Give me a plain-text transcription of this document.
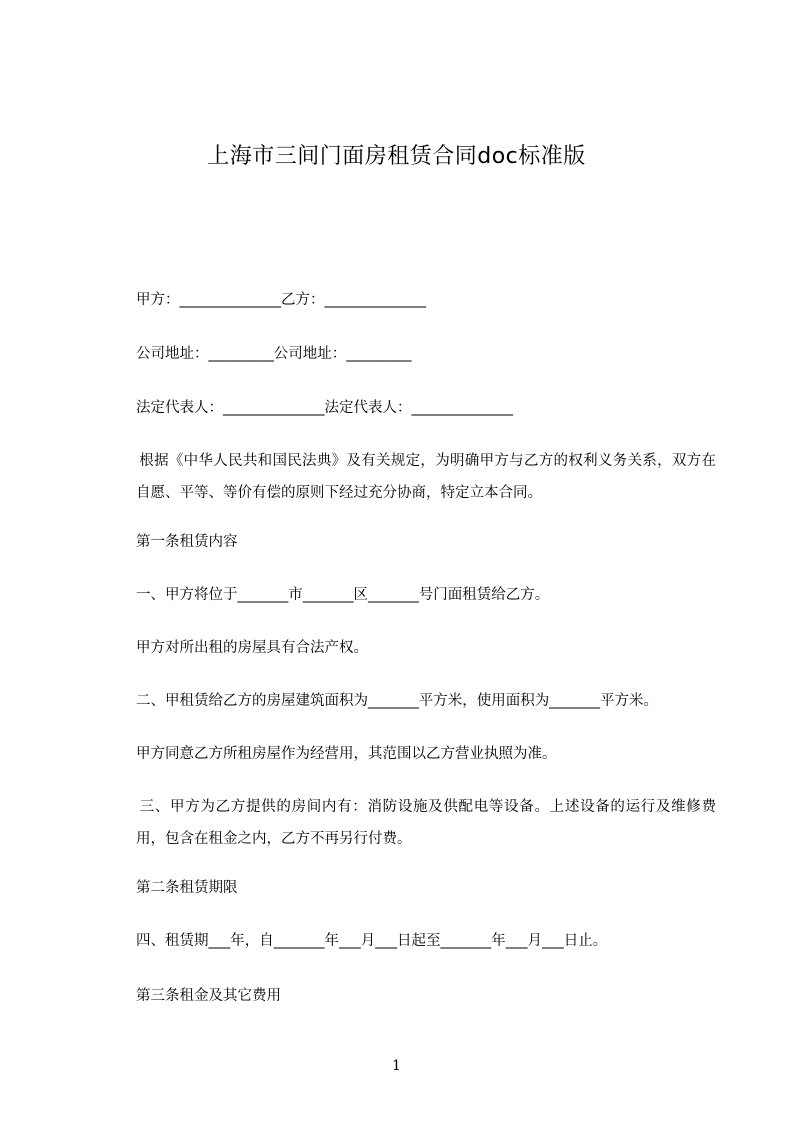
上海市三间门面房租赁合同doc标准版
甲方：______________乙方：______________
公司地址：_________公司地址：_________
法定代表人：______________法定代表人：______________
根据《中华人民共和国民法典》及有关规定，为明确甲方与乙方的权利义务关系，双方在自愿、平等、等价有偿的原则下经过充分协商，特定立本合同。
第一条租赁内容
一、甲方将位于_______市_______区_______号门面租赁给乙方。
甲方对所出租的房屋具有合法产权。
二、甲租赁给乙方的房屋建筑面积为_______平方米，使用面积为_______平方米。
甲方同意乙方所租房屋作为经营用，其范围以乙方营业执照为准。
三、甲方为乙方提供的房间内有：消防设施及供配电等设备。上述设备的运行及维修费用，包含在租金之内，乙方不再另行付费。
第二条租赁期限
四、租赁期___年，自_______年___月___日起至_______年___月___日止。
第三条租金及其它费用
1
